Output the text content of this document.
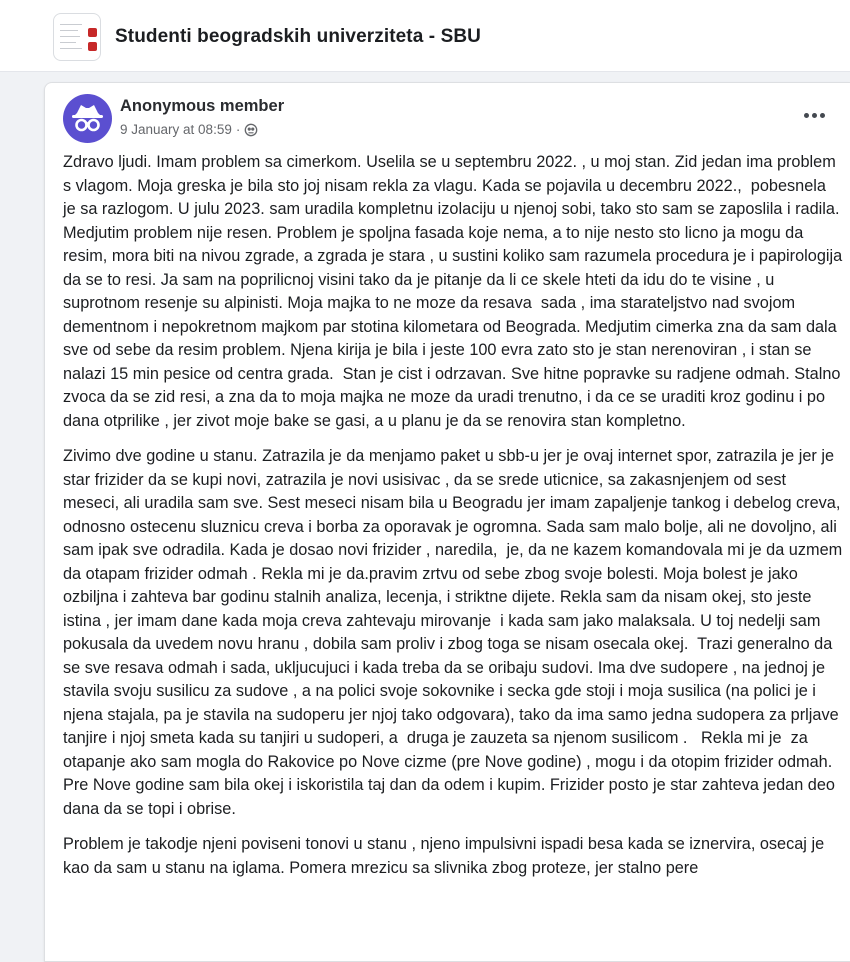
Studenti beogradskih univerziteta - SBU
Anonymous member
9 January at 08:59 ·

Zdravo ljudi. Imam problem sa cimerkom. Uselila se u septembru 2022. , u moj stan. Zid jedan ima problem s vlagom. Moja greska je bila sto joj nisam rekla za vlagu. Kada se pojavila u decembru 2022.,  pobesnela je sa razlogom. U julu 2023. sam uradila kompletnu izolaciju u njenoj sobi, tako sto sam se zaposlila i radila.
Medjutim problem nije resen. Problem je spoljna fasada koje nema, a to nije nesto sto licno ja mogu da resim, mora biti na nivou zgrade, a zgrada je stara , u sustini koliko sam razumela procedura je i papirologija da se to resi. Ja sam na poprilicnoj visini tako da je pitanje da li ce skele hteti da idu do te visine , u suprotnom resenje su alpinisti. Moja majka to ne moze da resava  sada , ima starateljstvo nad svojom dementnom i nepokretnom majkom par stotina kilometara od Beograda. Medjutim cimerka zna da sam dala sve od sebe da resim problem. Njena kirija je bila i jeste 100 evra zato sto je stan nerenoviran , i stan se nalazi 15 min pesice od centra grada.  Stan je cist i odrzavan. Sve hitne popravke su radjene odmah. Stalno zvoca da se zid resi, a zna da to moja majka ne moze da uradi trenutno, i da ce se uraditi kroz godinu i po dana otprilike , jer zivot moje bake se gasi, a u planu je da se renovira stan kompletno.

Zivimo dve godine u stanu. Zatrazila je da menjamo paket u sbb-u jer je ovaj internet spor, zatrazila je jer je star frizider da se kupi novi, zatrazila je novi usisivac , da se srede uticnice, sa zakasnjenjem od sest meseci, ali uradila sam sve. Sest meseci nisam bila u Beogradu jer imam zapaljenje tankog i debelog creva, odnosno ostecenu sluznicu creva i borba za oporavak je ogromna. Sada sam malo bolje, ali ne dovoljno, ali sam ipak sve odradila. Kada je dosao novi frizider , naredila,  je, da ne kazem komandovala mi je da uzmem da otapam frizider odmah . Rekla mi je da.pravim zrtvu od sebe zbog svoje bolesti. Moja bolest je jako ozbiljna i zahteva bar godinu stalnih analiza, lecenja, i striktne dijete. Rekla sam da nisam okej, sto jeste istina , jer imam dane kada moja creva zahtevaju mirovanje  i kada sam jako malaksala. U toj nedelji sam pokusala da uvedem novu hranu , dobila sam proliv i zbog toga se nisam osecala okej.  Trazi generalno da se sve resava odmah i sada, ukljucujuci i kada treba da se oribaju sudovi. Ima dve sudopere , na jednoj je stavila svoju susilicu za sudove , a na polici svoje sokovnike i secka gde stoji i moja susilica (na polici je i njena stajala, pa je stavila na sudoperu jer njoj tako odgovara), tako da ima samo jedna sudopera za prljave tanjire i njoj smeta kada su tanjiri u sudoperi, a  druga je zauzeta sa njenom susilicom .   Rekla mi je  za otapanje ako sam mogla do Rakovice po Nove cizme (pre Nove godine) , mogu i da otopim frizider odmah. Pre Nove godine sam bila okej i iskoristila taj dan da odem i kupim. Frizider posto je star zahteva jedan deo dana da se topi i obrise.

Problem je takodje njeni poviseni tonovi u stanu , njeno impulsivni ispadi besa kada se iznervira, osecaj je kao da sam u stanu na iglama. Pomera mrezicu sa slivnika zbog proteze, jer stalno pere
